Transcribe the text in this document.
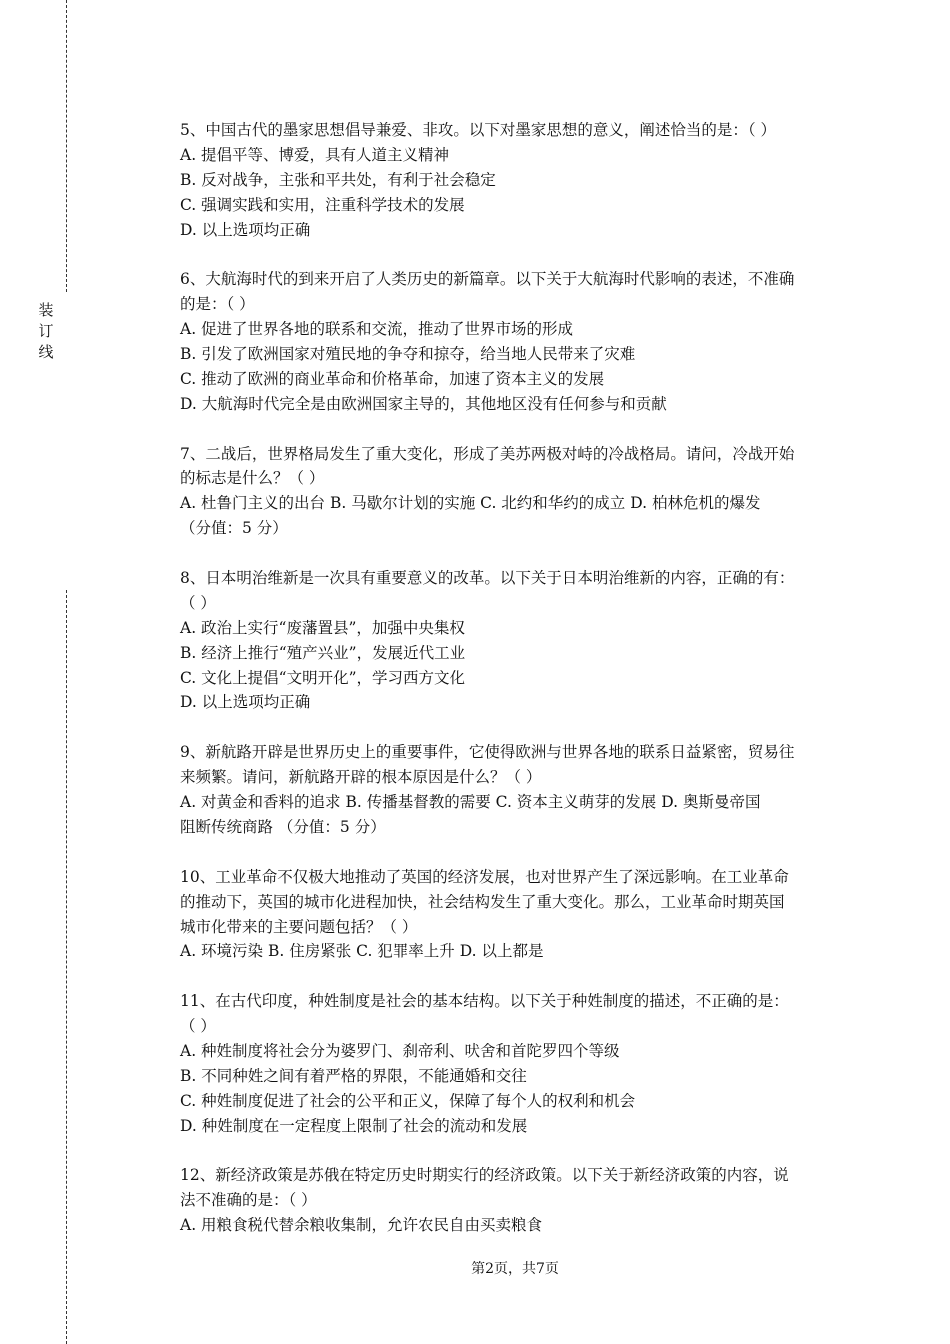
装订线
5、中国古代的墨家思想倡导兼爱、非攻。以下对墨家思想的意义，阐述恰当的是：（ ）
A. 提倡平等、博爱，具有人道主义精神
B. 反对战争，主张和平共处，有利于社会稳定
C. 强调实践和实用，注重科学技术的发展
D. 以上选项均正确
6、大航海时代的到来开启了人类历史的新篇章。以下关于大航海时代影响的表述，不准确
的是：（ ）
A. 促进了世界各地的联系和交流，推动了世界市场的形成
B. 引发了欧洲国家对殖民地的争夺和掠夺，给当地人民带来了灾难
C. 推动了欧洲的商业革命和价格革命，加速了资本主义的发展
D. 大航海时代完全是由欧洲国家主导的，其他地区没有任何参与和贡献
7、二战后，世界格局发生了重大变化，形成了美苏两极对峙的冷战格局。请问，冷战开始
的标志是什么？（ ）
A. 杜鲁门主义的出台 B. 马歇尔计划的实施 C. 北约和华约的成立 D. 柏林危机的爆发
（分值：5 分）
8、日本明治维新是一次具有重要意义的改革。以下关于日本明治维新的内容，正确的有：
（ ）
A. 政治上实行“废藩置县”，加强中央集权
B. 经济上推行“殖产兴业”，发展近代工业
C. 文化上提倡“文明开化”，学习西方文化
D. 以上选项均正确
9、新航路开辟是世界历史上的重要事件，它使得欧洲与世界各地的联系日益紧密，贸易往
来频繁。请问，新航路开辟的根本原因是什么？（ ）
A. 对黄金和香料的追求 B. 传播基督教的需要 C. 资本主义萌芽的发展 D. 奥斯曼帝国
阻断传统商路 （分值：5 分）
10、工业革命不仅极大地推动了英国的经济发展，也对世界产生了深远影响。在工业革命
的推动下，英国的城市化进程加快，社会结构发生了重大变化。那么，工业革命时期英国
城市化带来的主要问题包括？（ ）
A. 环境污染 B. 住房紧张 C. 犯罪率上升 D. 以上都是
11、在古代印度，种姓制度是社会的基本结构。以下关于种姓制度的描述，不正确的是：
（ ）
A. 种姓制度将社会分为婆罗门、刹帝利、吠舍和首陀罗四个等级
B. 不同种姓之间有着严格的界限，不能通婚和交往
C. 种姓制度促进了社会的公平和正义，保障了每个人的权利和机会
D. 种姓制度在一定程度上限制了社会的流动和发展
12、新经济政策是苏俄在特定历史时期实行的经济政策。以下关于新经济政策的内容，说
法不准确的是：（ ）
A. 用粮食税代替余粮收集制，允许农民自由买卖粮食
第2页，共7页
